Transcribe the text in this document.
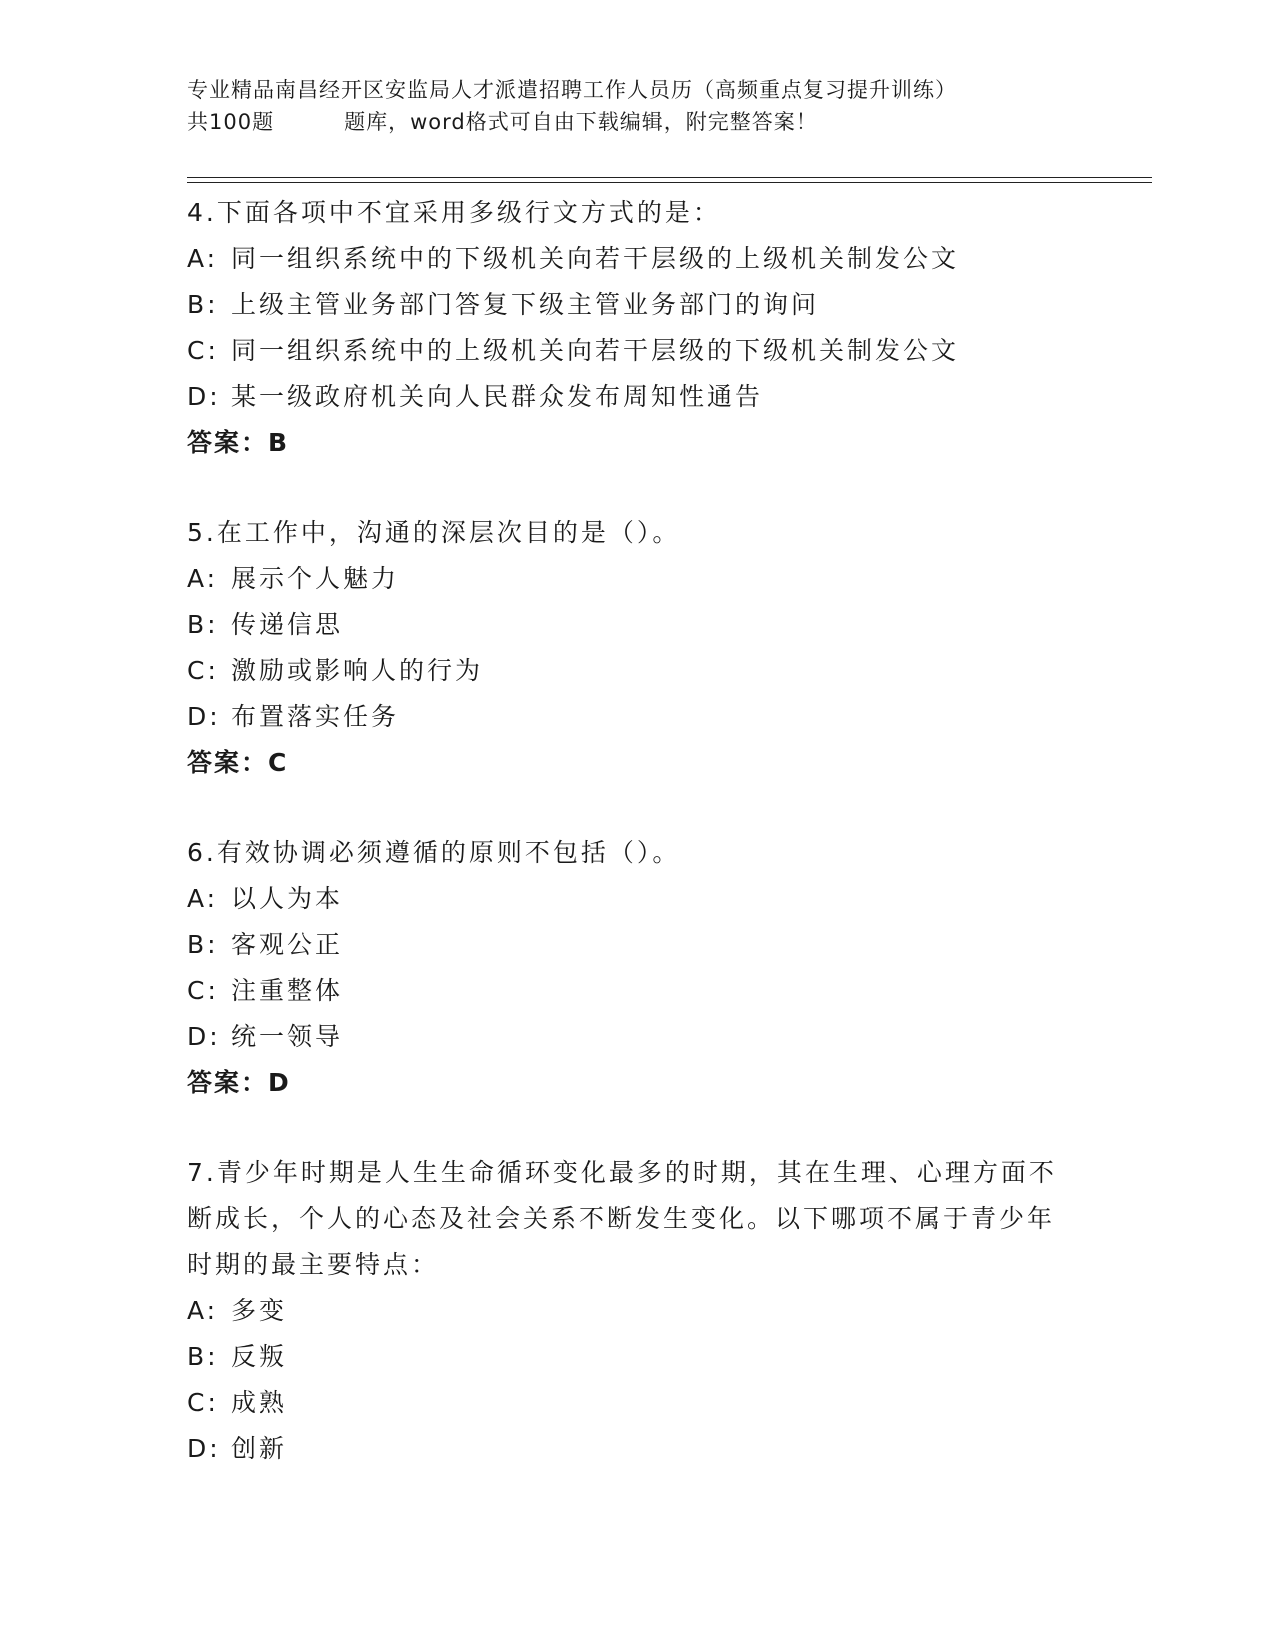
专业精品南昌经开区安监局人才派遣招聘工作人员历（高频重点复习提升训练）
共100题	题库，word格式可自由下载编辑，附完整答案！

4.下面各项中不宜采用多级行文方式的是：

A: 同一组织系统中的下级机关向若干层级的上级机关制发公文
B: 上级主管业务部门答复下级主管业务部门的询问
C: 同一组织系统中的上级机关向若干层级的下级机关制发公文
D: 某一级政府机关向人民群众发布周知性通告
答案：B

5.在工作中，沟通的深层次目的是（）。

A: 展示个人魅力
B: 传递信思
C: 激励或影响人的行为
D: 布置落实任务
答案：C

6.有效协调必须遵循的原则不包括（）。

A: 以人为本
B: 客观公正
C: 注重整体
D: 统一领导
答案：D

7.青少年时期是人生生命循环变化最多的时期，其在生理、心理方面不断成长，个人的心态及社会关系不断发生变化。以下哪项不属于青少年时期的最主要特点：

A: 多变
B: 反叛
C: 成熟
D: 创新
